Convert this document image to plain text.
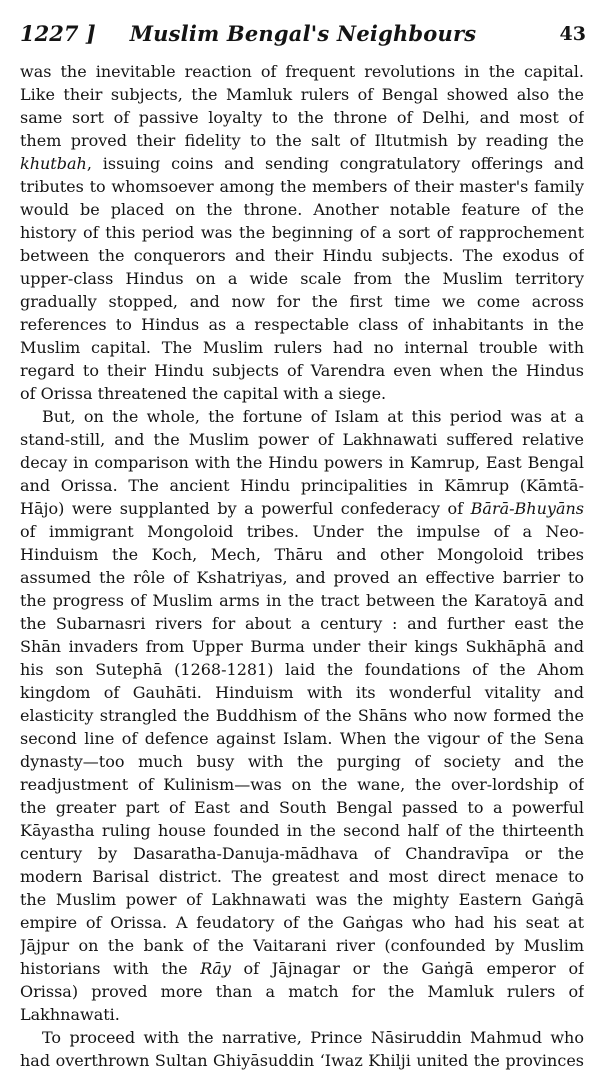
1227 ]	Muslim Bengal's Neighbours	43
was the inevitable reaction of frequent revolutions in the capital.
Like their subjects, the Mamluk rulers of Bengal showed also the
same sort of passive loyalty to the throne of Delhi, and most of
them proved their fidelity to the salt of Iltutmish by reading the
khutbah, issuing coins and sending congratulatory offerings and
tributes to whomsoever among the members of their master's family
would be placed on the throne. Another notable feature of the
history of this period was the beginning of a sort of rapprochement
between the conquerors and their Hindu subjects. The exodus of
upper-class Hindus on a wide scale from the Muslim territory
gradually stopped, and now for the first time we come across
references to Hindus as a respectable class of inhabitants in the
Muslim capital. The Muslim rulers had no internal trouble with
regard to their Hindu subjects of Varendra even when the Hindus
of Orissa threatened the capital with a siege.
But, on the whole, the fortune of Islam at this period was at a
stand-still, and the Muslim power of Lakhnawati suffered relative
decay in comparison with the Hindu powers in Kamrup, East Bengal
and Orissa. The ancient Hindu principalities in Kāmrup (Kāmtā-
Hājo) were supplanted by a powerful confederacy of Bārā-Bhuyāns
of immigrant Mongoloid tribes. Under the impulse of a Neo-
Hinduism the Koch, Mech, Thāru and other Mongoloid tribes
assumed the rôle of Kshatriyas, and proved an effective barrier to
the progress of Muslim arms in the tract between the Karatoyā and
the Subarnasri rivers for about a century : and further east the
Shān invaders from Upper Burma under their kings Sukhāphā and
his son Sutephā (1268-1281) laid the foundations of the Ahom
kingdom of Gauhāti. Hinduism with its wonderful vitality and
elasticity strangled the Buddhism of the Shāns who now formed the
second line of defence against Islam. When the vigour of the Sena
dynasty—too much busy with the purging of society and the
readjustment of Kulinism—was on the wane, the over-lordship of
the greater part of East and South Bengal passed to a powerful
Kāyastha ruling house founded in the second half of the thirteenth
century by Dasaratha-Danuja-mādhava of Chandravīpa or the
modern Barisal district. The greatest and most direct menace to
the Muslim power of Lakhnawati was the mighty Eastern Gaṅgā
empire of Orissa. A feudatory of the Gaṅgas who had his seat at
Jājpur on the bank of the Vaitarani river (confounded by Muslim
historians with the Rāy of Jājnagar or the Gaṅgā emperor of
Orissa) proved more than a match for the Mamluk rulers of
Lakhnawati.
To proceed with the narrative, Prince Nāsiruddin Mahmud who
had overthrown Sultan Ghiyāsuddin ‘Iwaz Khilji united the provinces
